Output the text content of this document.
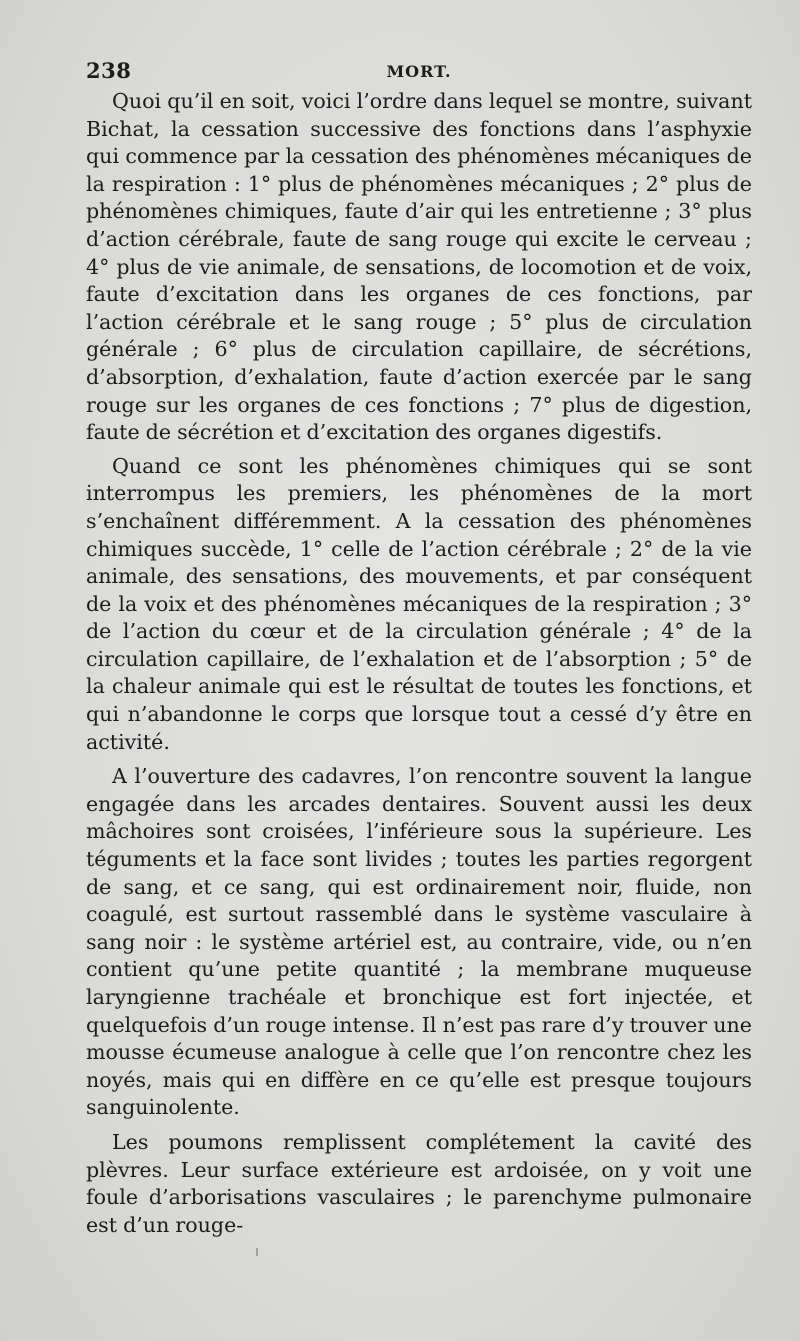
238	MORT.

Quoi qu’il en soit, voici l’ordre dans lequel se montre, suivant Bichat, la cessation successive des fonctions dans l’asphyxie qui commence par la cessation des phénomènes mécaniques de la respiration : 1° plus de phénomènes mécaniques ; 2° plus de phénomènes chimiques, faute d’air qui les entretienne ; 3° plus d’action cérébrale, faute de sang rouge qui excite le cerveau ; 4° plus de vie animale, de sensations, de locomotion et de voix, faute d’excitation dans les organes de ces fonctions, par l’action cérébrale et le sang rouge ; 5° plus de circulation générale ; 6° plus de circulation capillaire, de sécrétions, d’absorption, d’exhalation, faute d’action exercée par le sang rouge sur les organes de ces fonctions ; 7° plus de digestion, faute de sécrétion et d’excitation des organes digestifs.

Quand ce sont les phénomènes chimiques qui se sont interrompus les premiers, les phénomènes de la mort s’enchaînent différemment. A la cessation des phénomènes chimiques succède, 1° celle de l’action cérébrale ; 2° de la vie animale, des sensations, des mouvements, et par conséquent de la voix et des phénomènes mécaniques de la respiration ; 3° de l’action du cœur et de la circulation générale ; 4° de la circulation capillaire, de l’exhalation et de l’absorption ; 5° de la chaleur animale qui est le résultat de toutes les fonctions, et qui n’abandonne le corps que lorsque tout a cessé d’y être en activité.

A l’ouverture des cadavres, l’on rencontre souvent la langue engagée dans les arcades dentaires. Souvent aussi les deux mâchoires sont croisées, l’inférieure sous la supérieure. Les téguments et la face sont livides ; toutes les parties regorgent de sang, et ce sang, qui est ordinairement noir, fluide, non coagulé, est surtout rassemblé dans le système vasculaire à sang noir : le système artériel est, au contraire, vide, ou n’en contient qu’une petite quantité ; la membrane muqueuse laryngienne trachéale et bronchique est fort injectée, et quelquefois d’un rouge intense. Il n’est pas rare d’y trouver une mousse écumeuse analogue à celle que l’on rencontre chez les noyés, mais qui en diffère en ce qu’elle est presque toujours sanguinolente.

Les poumons remplissent complétement la cavité des plèvres. Leur surface extérieure est ardoisée, on y voit une foule d’arborisations vasculaires ; le parenchyme pulmonaire est d’un rouge-
